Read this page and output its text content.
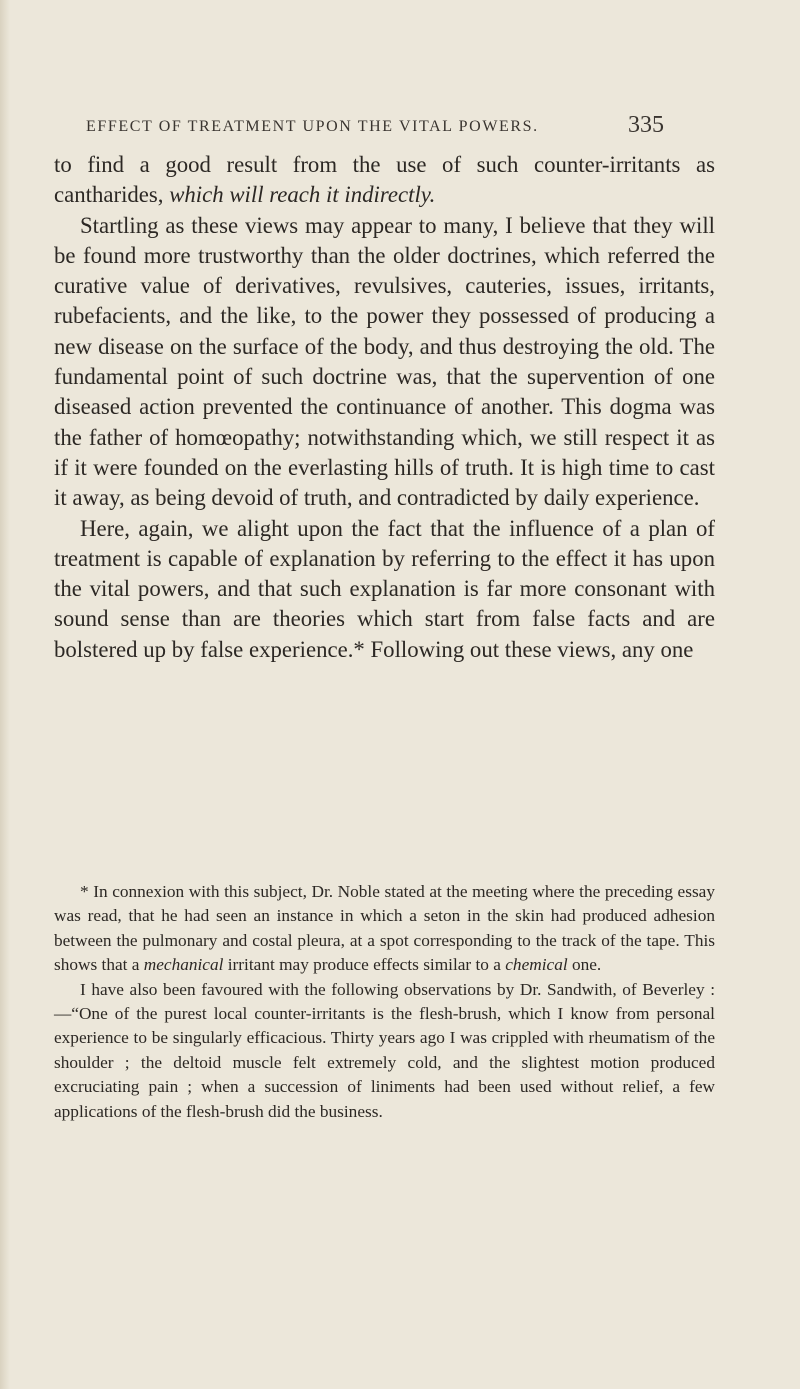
EFFECT OF TREATMENT UPON THE VITAL POWERS.	335

to find a good result from the use of such counter-irritants as cantharides, which will reach it indirectly.

Startling as these views may appear to many, I believe that they will be found more trustworthy than the older doctrines, which referred the curative value of derivatives, revulsives, cauteries, issues, irritants, rubefacients, and the like, to the power they possessed of producing a new disease on the surface of the body, and thus destroying the old. The fundamental point of such doctrine was, that the supervention of one diseased action prevented the continuance of another. This dogma was the father of homœopathy; notwithstanding which, we still respect it as if it were founded on the everlasting hills of truth. It is high time to cast it away, as being devoid of truth, and contradicted by daily experience.

Here, again, we alight upon the fact that the influence of a plan of treatment is capable of explanation by referring to the effect it has upon the vital powers, and that such explanation is far more consonant with sound sense than are theories which start from false facts and are bolstered up by false experience.* Following out these views, any one

* In connexion with this subject, Dr. Noble stated at the meeting where the preceding essay was read, that he had seen an instance in which a seton in the skin had produced adhesion between the pulmonary and costal pleura, at a spot corresponding to the track of the tape. This shows that a mechanical irritant may produce effects similar to a chemical one.

I have also been favoured with the following observations by Dr. Sandwith, of Beverley :—“One of the purest local counter-irritants is the flesh-brush, which I know from personal experience to be singularly efficacious. Thirty years ago I was crippled with rheumatism of the shoulder ; the deltoid muscle felt extremely cold, and the slightest motion produced excruciating pain ; when a succession of liniments had been used without relief, a few applications of the flesh-brush did the business.
